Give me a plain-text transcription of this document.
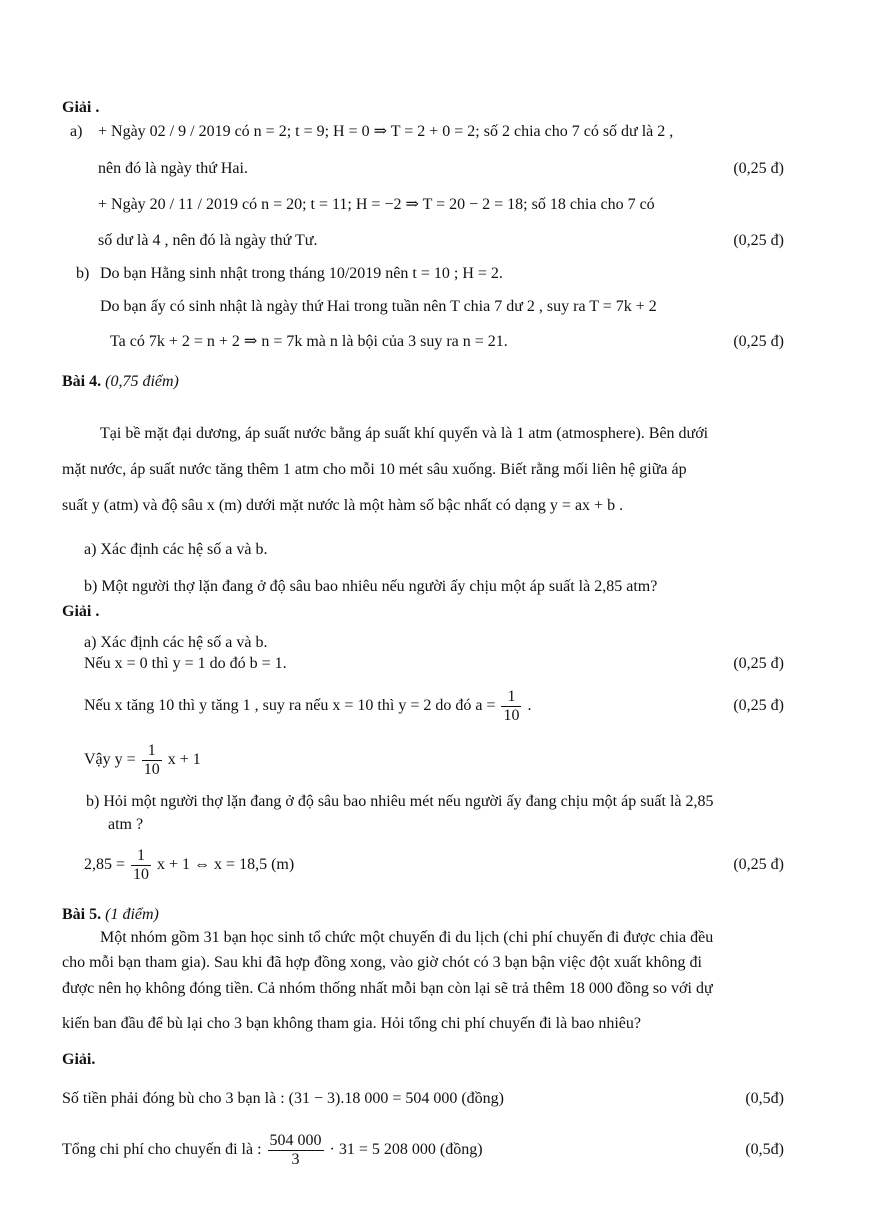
Giải .
a) + Ngày 02 / 9 / 2019 có n = 2; t = 9; H = 0 ⇒ T = 2 + 0 = 2; số 2 chia cho 7 có số dư là 2 ,
nên đó là ngày thứ Hai.	(0,25 đ)
+ Ngày 20 / 11 / 2019 có n = 20; t = 11; H = −2 ⇒ T = 20 − 2 = 18; số 18 chia cho 7 có
số dư là 4 , nên đó là ngày thứ Tư.	(0,25 đ)
b) Do bạn Hằng sinh nhật trong tháng 10/2019 nên t = 10 ; H = 2.
Do bạn ấy có sinh nhật là ngày thứ Hai trong tuần nên T chia 7 dư 2 , suy ra T = 7k + 2
Ta có 7k + 2 = n + 2 ⇒ n = 7k mà n là bội của 3 suy ra n = 21.	(0,25 đ)
Bài 4. (0,75 điểm)
Tại bề mặt đại dương, áp suất nước bằng áp suất khí quyển và là 1 atm (atmosphere). Bên dưới
mặt nước, áp suất nước tăng thêm 1 atm cho mỗi 10 mét sâu xuống. Biết rằng mối liên hệ giữa áp
suất y (atm) và độ sâu x (m) dưới mặt nước là một hàm số bậc nhất có dạng y = ax + b .
a) Xác định các hệ số a và b.
b) Một người thợ lặn đang ở độ sâu bao nhiêu nếu người ấy chịu một áp suất là 2,85 atm?
Giải .
a) Xác định các hệ số a và b.
Nếu x = 0 thì y = 1 do đó b = 1.	(0,25 đ)
Nếu x tăng 10 thì y tăng 1 , suy ra nếu x = 10 thì y = 2 do đó $a = \frac{1}{10}$ .	(0,25 đ)
Vậy $y = \frac{1}{10}$ x + 1
b) Hỏi một người thợ lặn đang ở độ sâu bao nhiêu mét nếu người ấy đang chịu một áp suất là 2,85
atm ?
$2,85 = \frac{1}{10}$ x + 1 ⇔ x = 18,5 (m)	(0,25 đ)
Bài 5. (1 điểm)
Một nhóm gồm 31 bạn học sinh tổ chức một chuyến đi du lịch (chi phí chuyến đi được chia đều
cho mỗi bạn tham gia). Sau khi đã hợp đồng xong, vào giờ chót có 3 bạn bận việc đột xuất không đi
được nên họ không đóng tiền. Cả nhóm thống nhất mỗi bạn còn lại sẽ trả thêm 18 000 đồng so với dự
kiến ban đầu để bù lại cho 3 bạn không tham gia. Hỏi tổng chi phí chuyến đi là bao nhiêu?
Giải.
Số tiền phải đóng bù cho 3 bạn là : (31 − 3).18 000 = 504 000 (đồng)	(0,5đ)
Tổng chi phí cho chuyến đi là : $\frac{504 000}{3} \cdot 31 = 5$ 208 000 (đồng)	(0,5đ)
